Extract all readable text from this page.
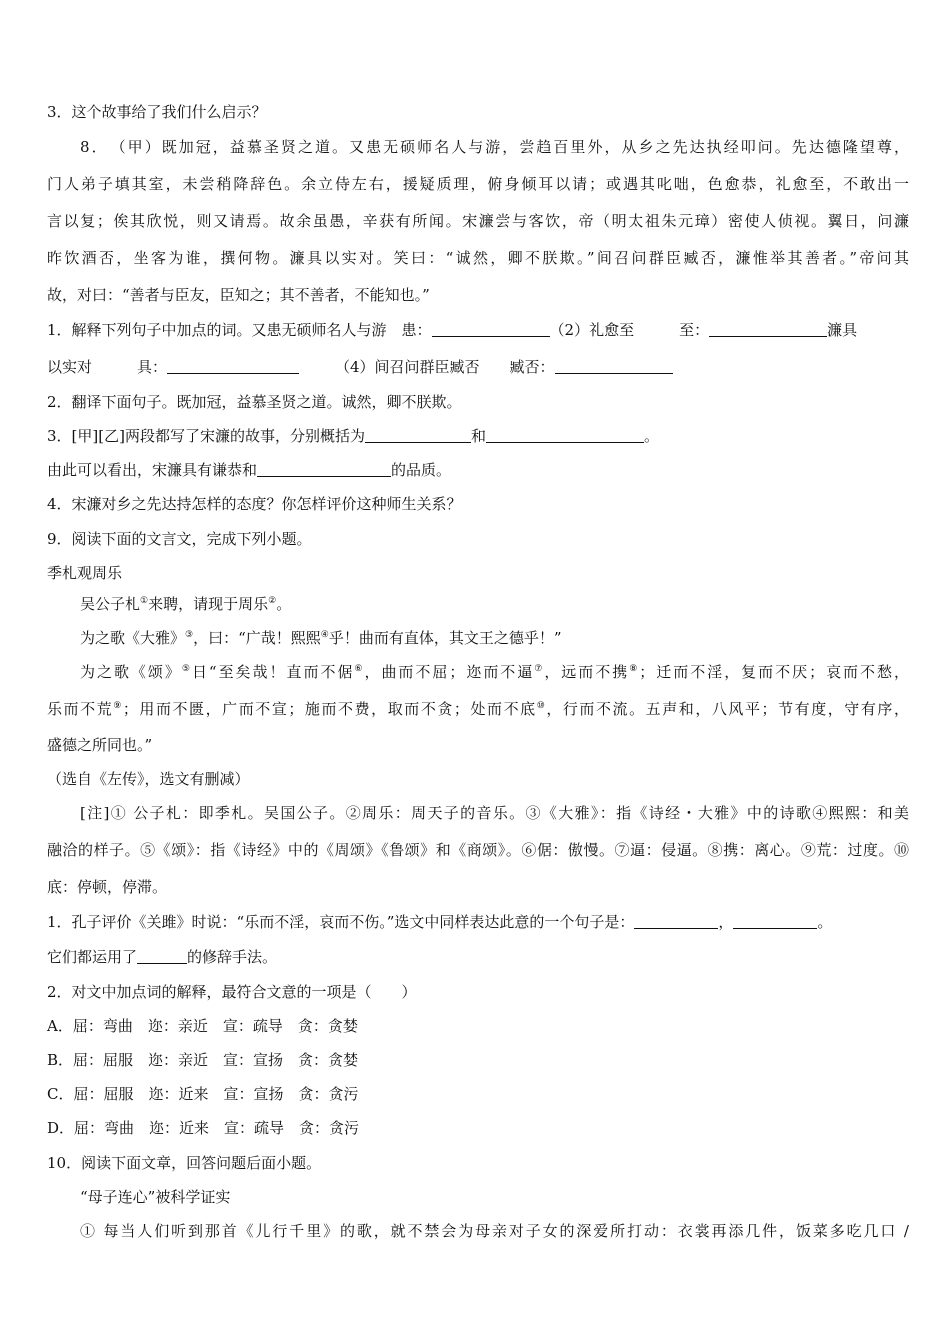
3．这个故事给了我们什么启示？
8．　（甲）既加冠，益慕圣贤之道。又患无硕师名人与游，尝趋百里外，从乡之先达执经叩问。先达德隆望尊，
门人弟子填其室，未尝稍降辞色。余立侍左右，援疑质理，俯身倾耳以请；或遇其叱咄，色愈恭，礼愈至，不敢出一
言以复；俟其欣悦，则又请焉。故余虽愚，辛获有所闻。宋濂尝与客饮，帝（明太祖朱元璋）密使人侦视。翼日，问濂
昨饮酒否，坐客为谁，撰何物。濂具以实对。笑曰：“诚然，卿不朕欺。”间召问群臣臧否，濂惟举其善者。”帝问其
故，对曰：“善者与臣友，臣知之；其不善者，不能知也。”
1．解释下列句子中加点的词。又患无硕师名人与游　患：	（2）礼愈至　　　至：	濂具
以实对　　　具：	（4）间召问群臣臧否　　臧否：
2．翻译下面句子。既加冠，益慕圣贤之道。诚然，卿不朕欺。
3．[甲][乙]两段都写了宋濂的故事，分别概括为	和	。
由此可以看出，宋濂具有谦恭和	的品质。
4．宋濂对乡之先达持怎样的态度？你怎样评价这种师生关系？
9．阅读下面的文言文，完成下列小题。
季札观周乐
吴公子札①来聘，请现于周乐②。
为之歌《大雅》③，曰：“广哉！熙熙④乎！曲而有直体，其文王之德乎！”
为之歌《颂》⑤日“至矣哉！直而不倨⑥，曲而不屈；迩而不逼⑦，远而不携⑧；迁而不淫，复而不厌；哀而不愁，
乐而不荒⑨；用而不匮，广而不宣；施而不费，取而不贪；处而不底⑩，行而不流。五声和，八风平；节有度，守有序，
盛德之所同也。”
（选自《左传》，选文有删减）
[注]① 公子札：即季札。吴国公子。②周乐：周天子的音乐。③《大雅》：指《诗经・大雅》中的诗歌④熙熙：和美
融洽的样子。⑤《颂》：指《诗经》中的《周颂》《鲁颂》和《商颂》。⑥倨：傲慢。⑦逼：侵逼。⑧携：离心。⑨荒：过度。⑩
底：停顿，停滞。
1．孔子评价《关雎》时说：“乐而不淫，哀而不伤。”选文中同样表达此意的一个句子是：	，	。
它们都运用了	的修辞手法。
2．对文中加点词的解释，最符合文意的一项是（　　）
A．屈：弯曲　迩：亲近　宣：疏导　贪：贪婪
B．屈：屈服　迩：亲近　宣：宣扬　贪：贪婪
C．屈：屈服　迩：近来　宣：宣扬　贪：贪污
D．屈：弯曲　迩：近来　宣：疏导　贪：贪污
10．阅读下面文章，回答问题后面小题。
“母子连心”被科学证实
① 每当人们听到那首《儿行千里》的歌，就不禁会为母亲对子女的深爱所打动：衣裳再添几件，饭菜多吃几口 /
